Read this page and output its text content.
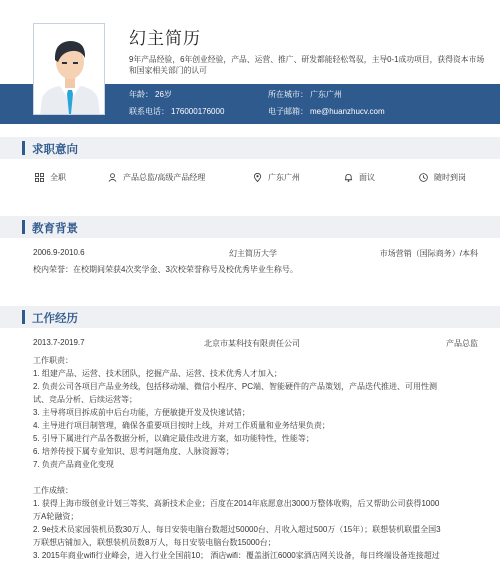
幻主简历
9年产品经验，6年创业经验，产品、运营、推广、研发都能轻松驾驭，主导0-1成功项目，获得资本市场和国家相关部门的认可
年龄： 26岁	所在城市： 广东广州
联系电话： 176000176000	电子邮箱： me@huanzhucv.com
求职意向
全职	产品总监/高级产品经理	广东广州	面议	随时到岗
教育背景
2006.9-2010.6	幻主简历大学	市场营销（国际商务）/本科
校内荣誉：在校期间荣获4次奖学金、3次校荣誉称号及校优秀毕业生称号。
工作经历
2013.7-2019.7	北京市某科技有限责任公司	产品总监
工作职责：
1. 组建产品、运营、技术团队，挖掘产品、运营、技术优秀人才加入；
2. 负责公司各项目产品业务线，包括移动端、微信小程序、PC端、智能硬件的产品策划，产品迭代推进、可用性测
试、竞品分析、后续运营等；
3. 主导将项目拆成前中后台功能，方便敏捷开发及快速试错；
4. 主导进行项目制管理，确保各重要项目按时上线，并对工作质量和业务结果负责；
5. 引导下属进行产品各数据分析，以确定最佳改进方案，如功能特性，性能等；
6. 培养传授下属专业知识、思考问题角度、人脉资源等；
7. 负责产品商业化变现
工作成绩：
1. 获得上海市级创业计划三等奖、高新技术企业；百度在2014年底愿意出3000万整体收购，后又帮助公司获得1000
万A轮融资；
2. 9e技术员家园装机员数30万人、每日安装电脑台数超过50000台、月收入超过500万（15年）；联想装机联盟全国3
万联想店铺加入，联想装机员数8万人，每日安装电脑台数15000台；
3. 2015年商业wifi行业峰会，进入行业全国前10； 酒店wifi：覆盖浙江6000家酒店网关设备，每日终端设备连接超过
